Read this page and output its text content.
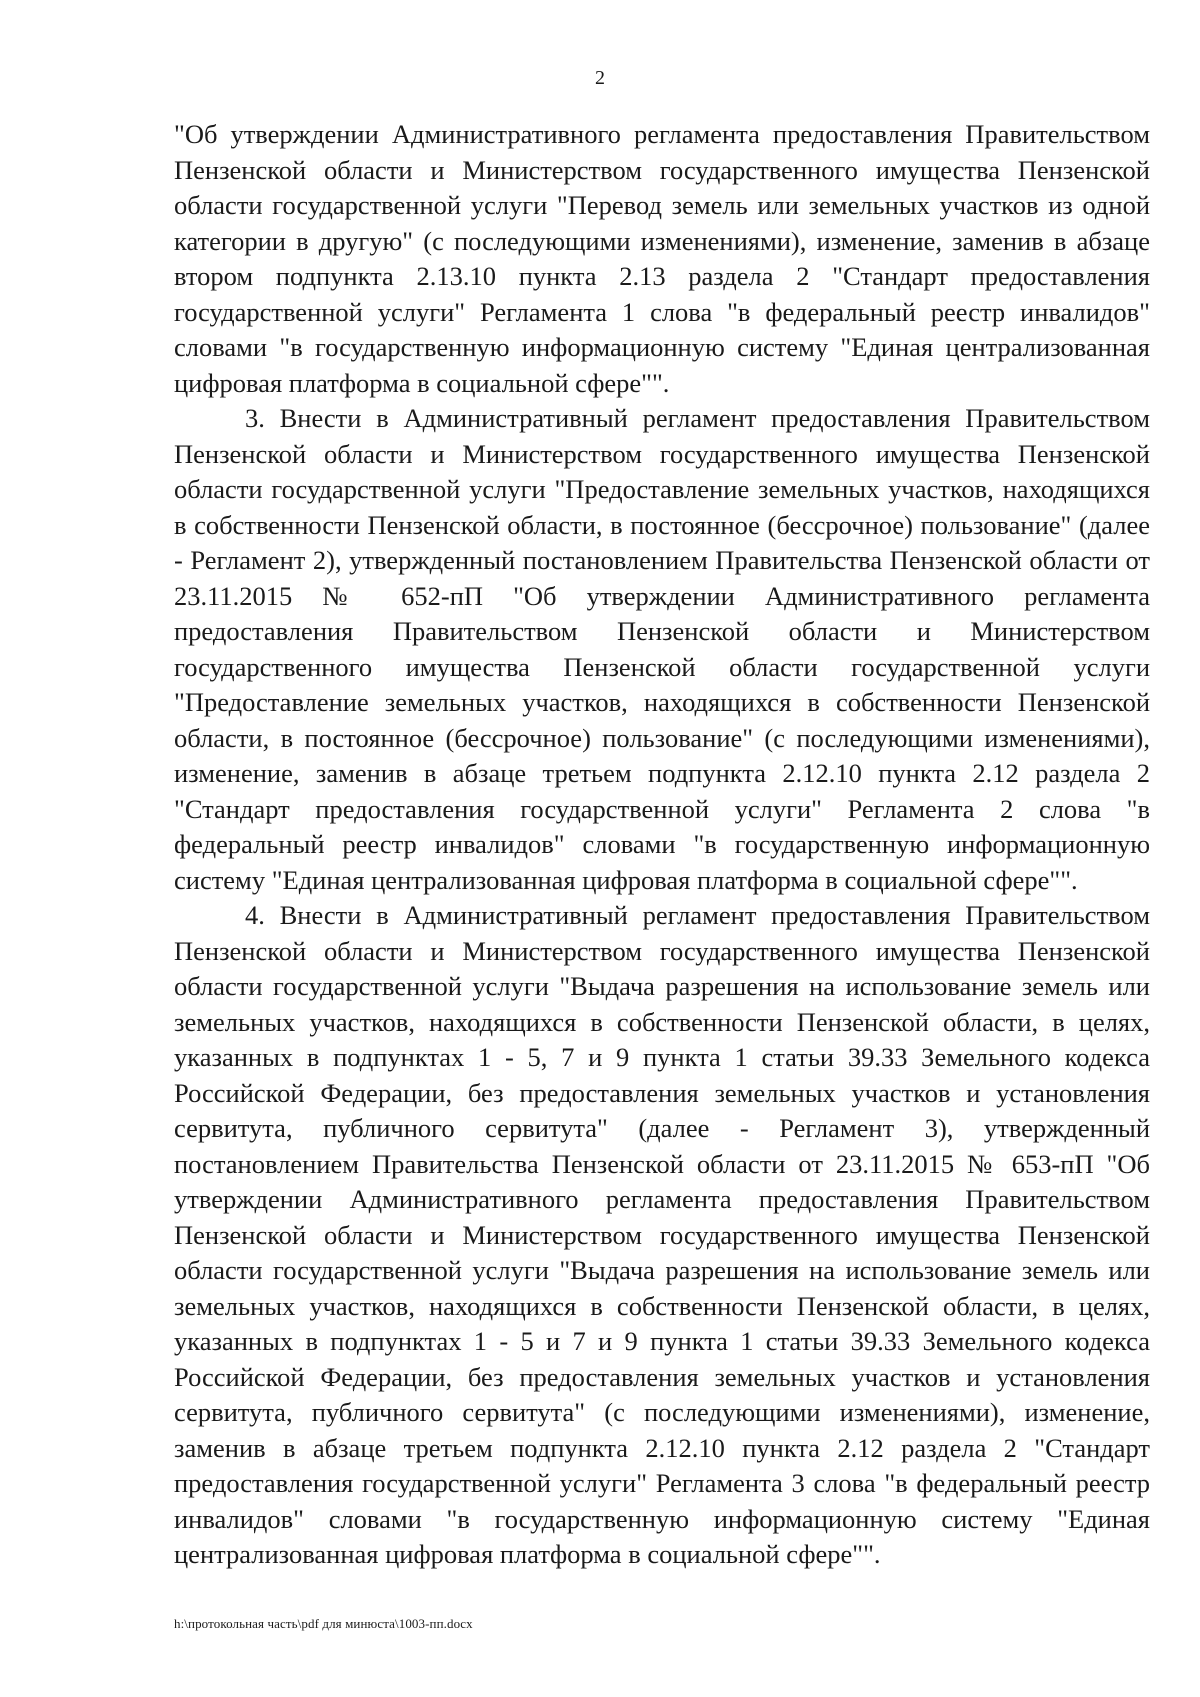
2

"Об утверждении Административного регламента предоставления Правительством Пензенской области и Министерством государственного имущества Пензенской области государственной услуги "Перевод земель или земельных участков из одной категории в другую" (с последующими изменениями), изменение, заменив в абзаце втором подпункта 2.13.10 пункта 2.13 раздела 2 "Стандарт предоставления государственной услуги" Регламента 1 слова "в федеральный реестр инвалидов" словами "в государственную информационную систему "Единая централизованная цифровая платформа в социальной сфере"".

3. Внести в Административный регламент предоставления Правительством Пензенской области и Министерством государственного имущества Пензенской области государственной услуги "Предоставление земельных участков, находящихся в собственности Пензенской области, в постоянное (бессрочное) пользование" (далее - Регламент 2), утвержденный постановлением Правительства Пензенской области от 23.11.2015 № 652-пП "Об утверждении Административного регламента предоставления Правительством Пензенской области и Министерством государственного имущества Пензенской области государственной услуги "Предоставление земельных участков, находящихся в собственности Пензенской области, в постоянное (бессрочное) пользование" (с последующими изменениями), изменение, заменив в абзаце третьем подпункта 2.12.10 пункта 2.12 раздела 2 "Стандарт предоставления государственной услуги" Регламента 2 слова "в федеральный реестр инвалидов" словами "в государственную информационную систему "Единая централизованная цифровая платформа в социальной сфере"".

4. Внести в Административный регламент предоставления Правительством Пензенской области и Министерством государственного имущества Пензенской области государственной услуги "Выдача разрешения на использование земель или земельных участков, находящихся в собственности Пензенской области, в целях, указанных в подпунктах 1 - 5, 7 и 9 пункта 1 статьи 39.33 Земельного кодекса Российской Федерации, без предоставления земельных участков и установления сервитута, публичного сервитута" (далее - Регламент 3), утвержденный постановлением Правительства Пензенской области от 23.11.2015 № 653-пП "Об утверждении Административного регламента предоставления Правительством Пензенской области и Министерством государственного имущества Пензенской области государственной услуги "Выдача разрешения на использование земель или земельных участков, находящихся в собственности Пензенской области, в целях, указанных в подпунктах 1 - 5 и 7 и 9 пункта 1 статьи 39.33 Земельного кодекса Российской Федерации, без предоставления земельных участков и установления сервитута, публичного сервитута" (с последующими изменениями), изменение, заменив в абзаце третьем подпункта 2.12.10 пункта 2.12 раздела 2 "Стандарт предоставления государственной услуги" Регламента 3 слова "в федеральный реестр инвалидов" словами "в государственную информационную систему "Единая централизованная цифровая платформа в социальной сфере"".

h:\протокольная часть\pdf для минюста\1003-пп.docx
